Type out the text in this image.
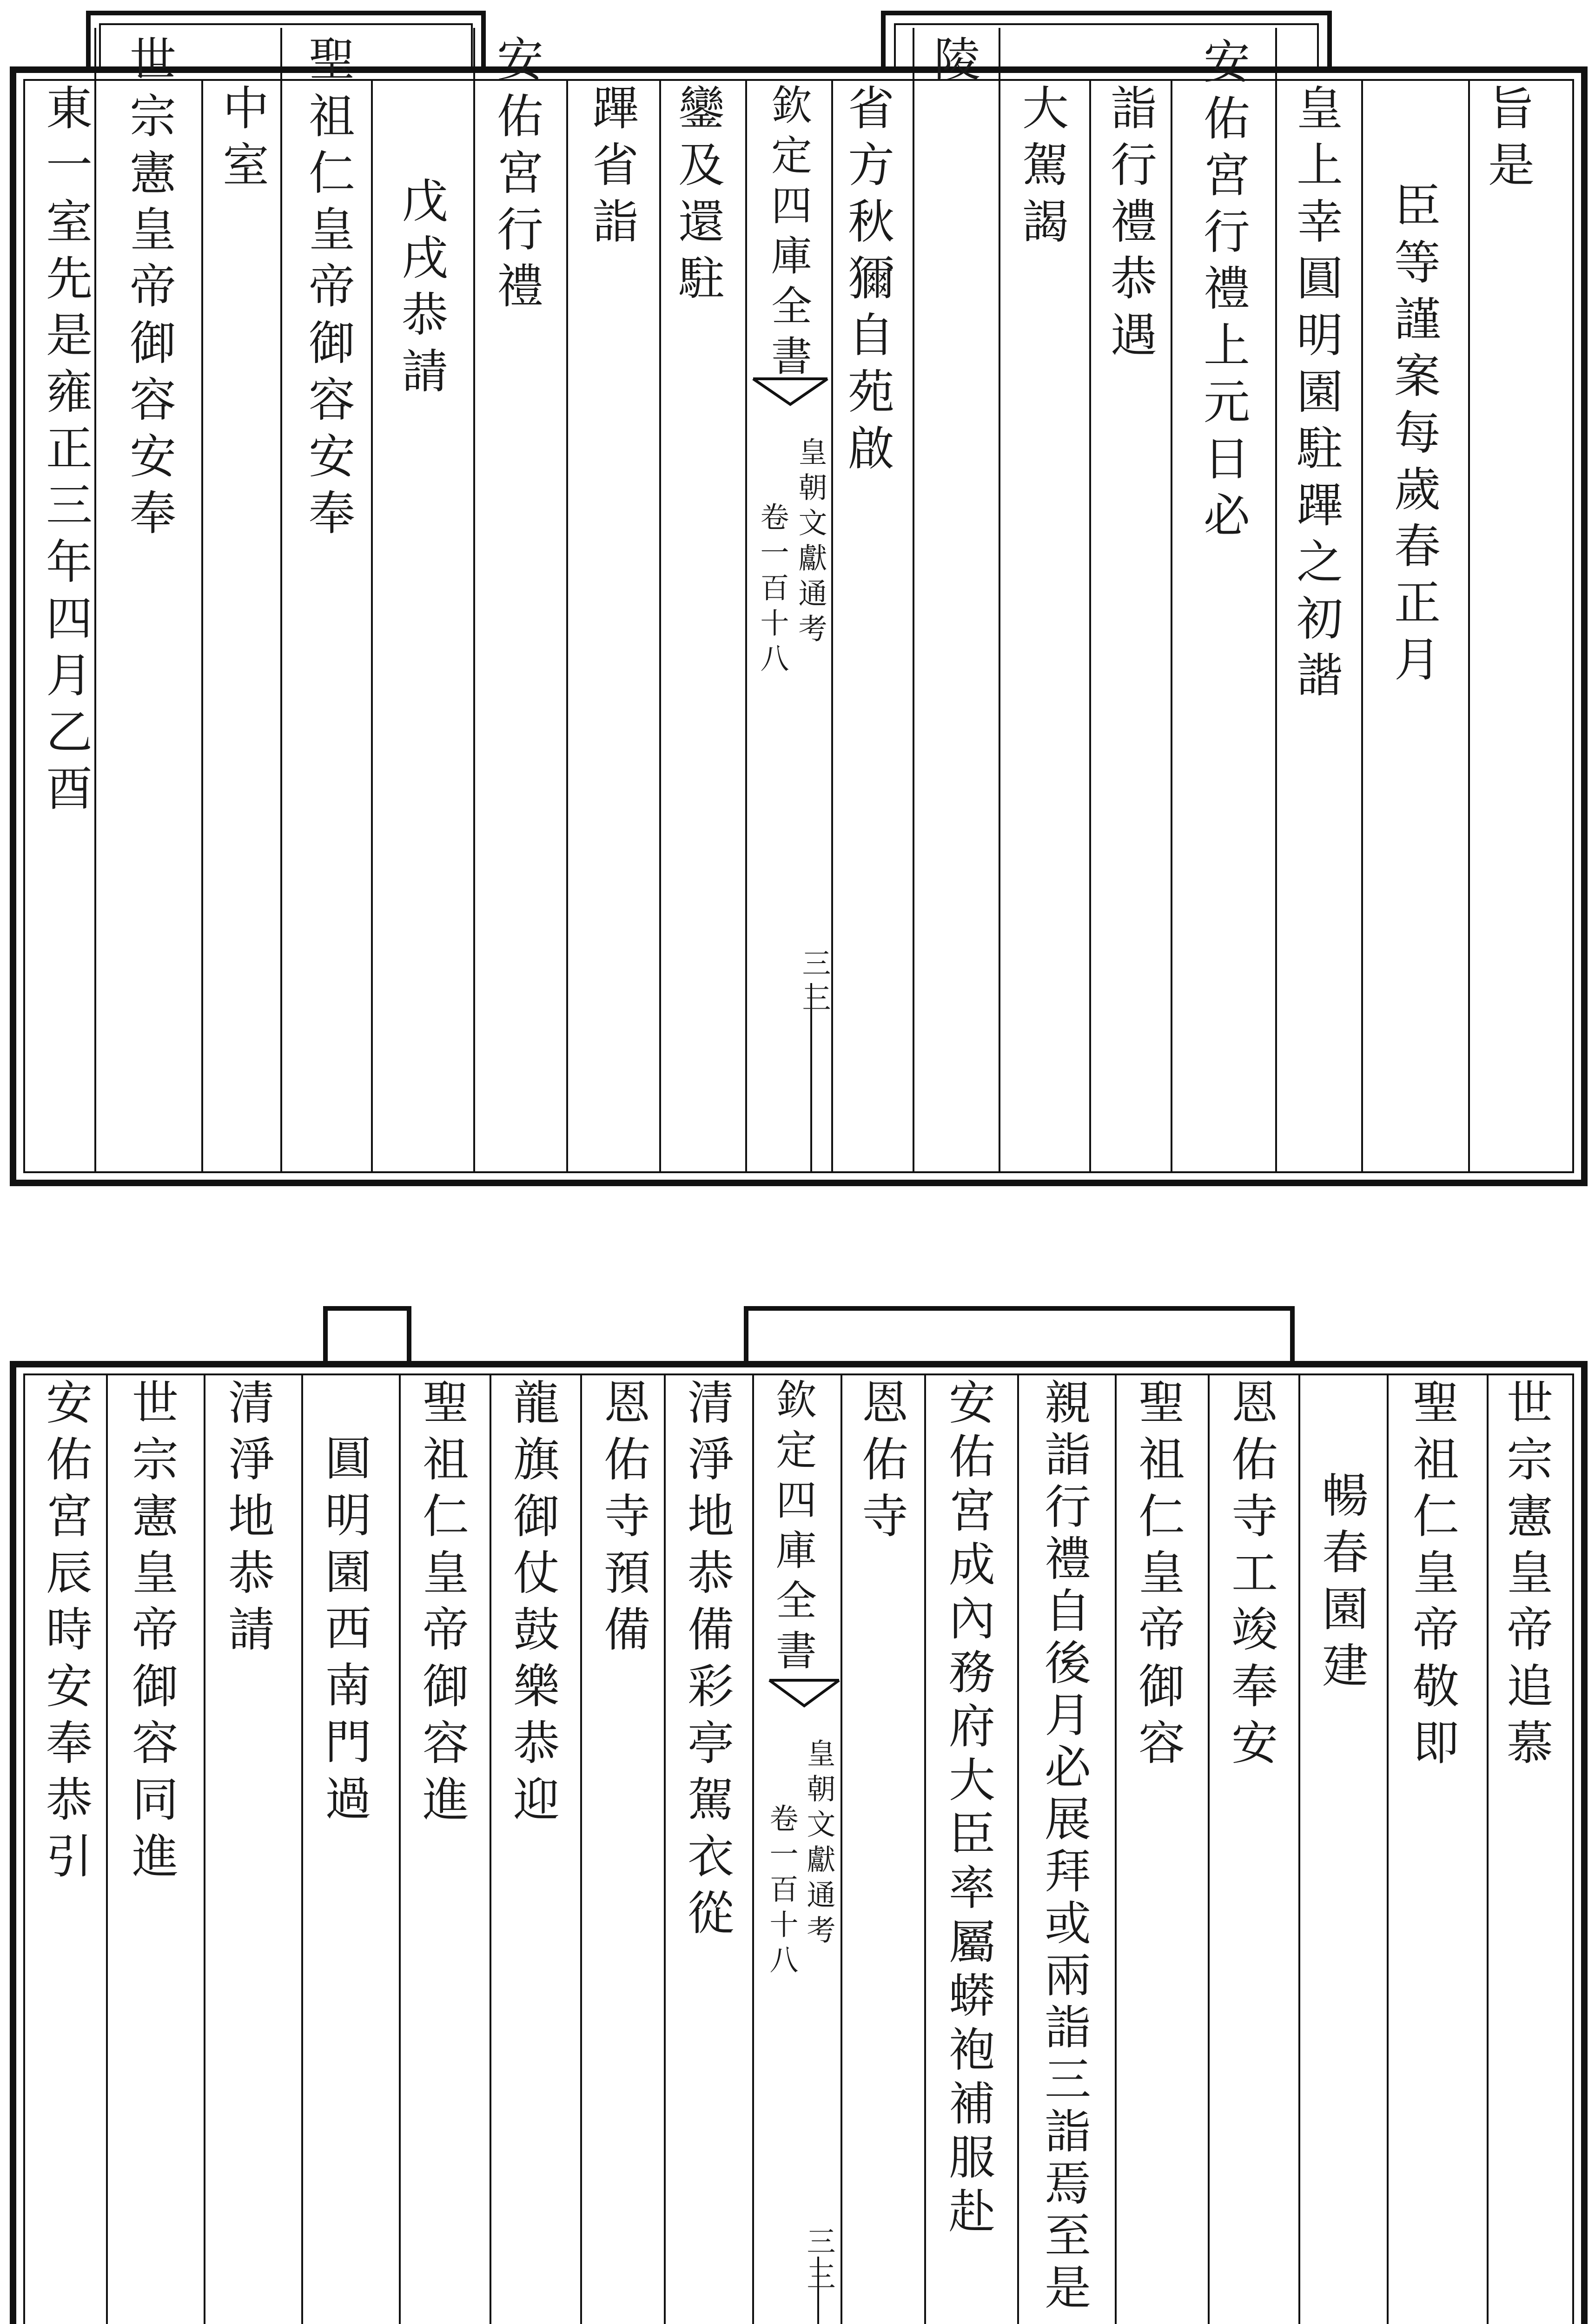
旨是
臣等謹案每歲春正月
皇上幸圓明園駐蹕之初諧
安佑宮行禮上元日必
詣行禮恭遇
大駕謁
陵
省方秋獮自苑啟
欽定四庫全書
皇朝文獻通考
卷一百十八
三三
鑾及還駐
蹕省詣
安佑宮行禮
戊戌恭請
聖祖仁皇帝御容安奉
中室
世宗憲皇帝御容安奉
東一室先是雍正三年四月乙酉
世宗憲皇帝追慕
聖祖仁皇帝敬即
暢春園建
恩佑寺工竣奉安
聖祖仁皇帝御容
親詣行禮自後月必展拜或兩詣三詣焉至是
安佑宮成內務府大臣率屬蟒袍補服赴
恩佑寺
欽定四庫全書
皇朝文獻通考
卷一百十八
三三
清淨地恭備彩亭駕衣從
恩佑寺預備
龍旗御仗鼓樂恭迎
聖祖仁皇帝御容進
圓明園西南門過
清淨地恭請
世宗憲皇帝御容同進
安佑宮辰時安奉恭引
